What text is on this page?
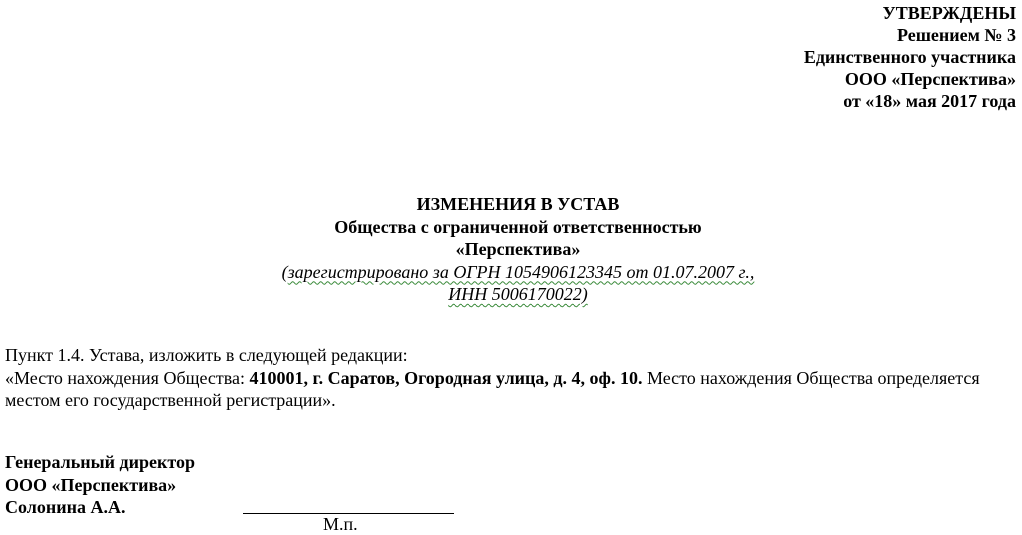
УТВЕРЖДЕНЫ
Решением № 3
Единственного участника
ООО «Перспектива»
от «18» мая 2017 года
ИЗМЕНЕНИЯ В УСТАВ
Общества с ограниченной ответственностью
«Перспектива»
(зарегистрировано за ОГРН 1054906123345 от 01.07.2007 г.,
ИНН 5006170022)
Пункт 1.4. Устава, изложить в следующей редакции:
«Место нахождения Общества: 410001, г. Саратов, Огородная улица, д. 4, оф. 10. Место нахождения Общества определяется
местом его государственной регистрации».
Генеральный директор
ООО «Перспектива»
Солонина А.А.
М.п.
